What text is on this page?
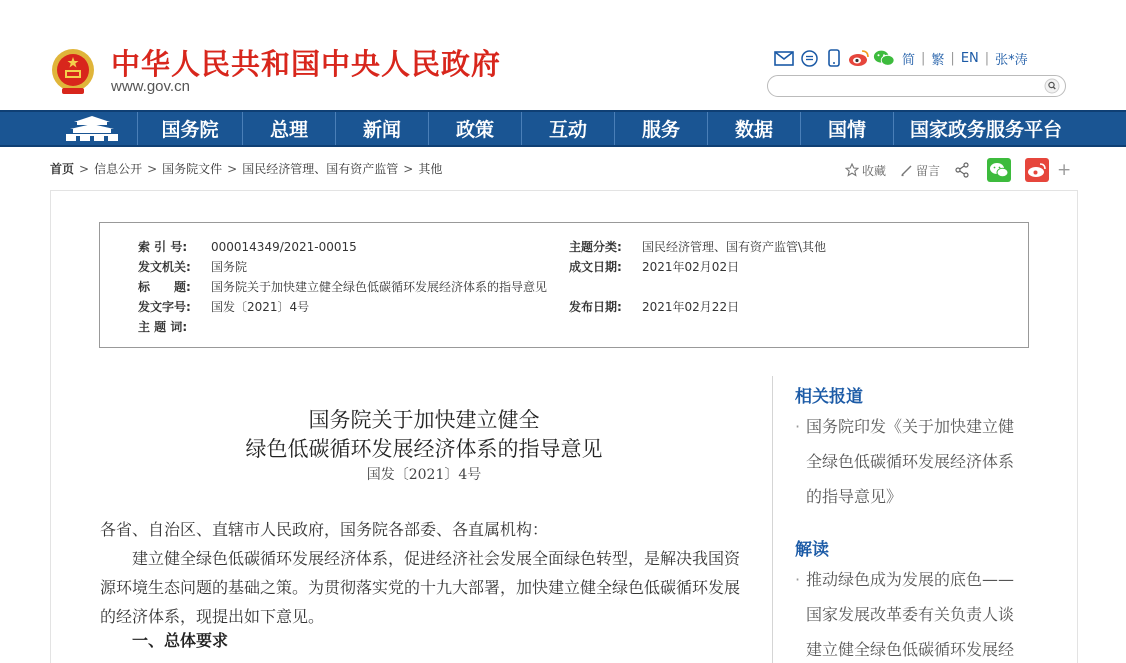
中华人民共和国中央人民政府
www.gov.cn
简 | 繁 | EN | 张*涛
国务院	总理	新闻	政策	互动	服务	数据	国情	国家政务服务平台
首页 > 信息公开 > 国务院文件 > 国民经济管理、国有资产监管 > 其他	收藏	留言	+
索 引 号: 000014349/2021-00015	主题分类: 国民经济管理、国有资产监管\其他
发文机关: 国务院	成文日期: 2021年02月02日
标　　题: 国务院关于加快建立健全绿色低碳循环发展经济体系的指导意见
发文字号: 国发〔2021〕4号	发布日期: 2021年02月22日
主 题 词:
国务院关于加快建立健全
绿色低碳循环发展经济体系的指导意见
国发〔2021〕4号
各省、自治区、直辖市人民政府，国务院各部委、各直属机构：
建立健全绿色低碳循环发展经济体系，促进经济社会发展全面绿色转型，是解决我国资源环境生态问题的基础之策。为贯彻落实党的十九大部署，加快建立健全绿色低碳循环发展的经济体系，现提出如下意见。
一、总体要求
相关报道
· 国务院印发《关于加快建立健全绿色低碳循环发展经济体系的指导意见》
解读
· 推动绿色成为发展的底色——国家发展改革委有关负责人谈建立健全绿色低碳循环发展经
